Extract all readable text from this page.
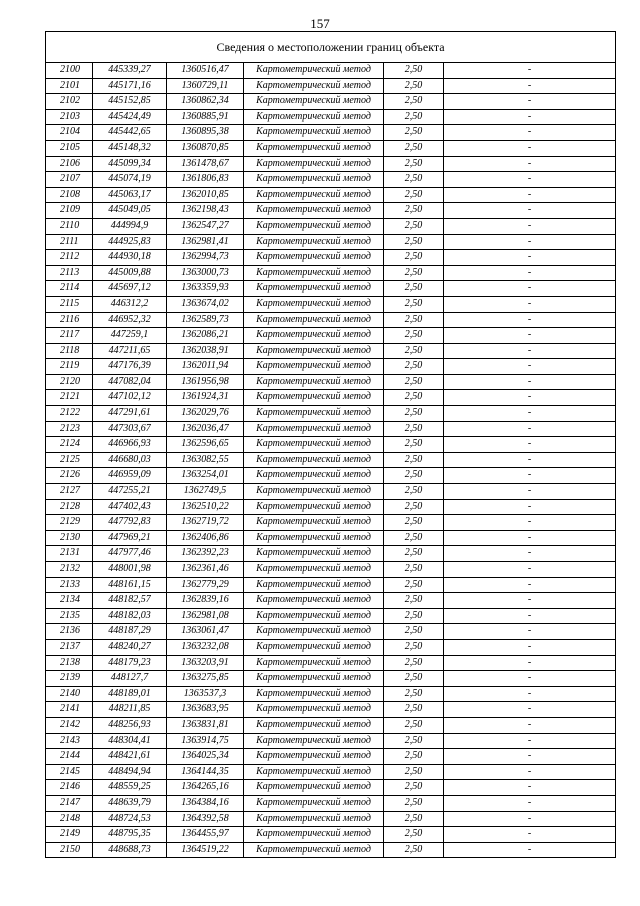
157
Сведения о местоположении границ объекта					
2100	445339,27	1360516,47	Картометрический метод	2,50	-
2101	445171,16	1360729,11	Картометрический метод	2,50	-
2102	445152,85	1360862,34	Картометрический метод	2,50	-
2103	445424,49	1360885,91	Картометрический метод	2,50	-
2104	445442,65	1360895,38	Картометрический метод	2,50	-
2105	445148,32	1360870,85	Картометрический метод	2,50	-
2106	445099,34	1361478,67	Картометрический метод	2,50	-
2107	445074,19	1361806,83	Картометрический метод	2,50	-
2108	445063,17	1362010,85	Картометрический метод	2,50	-
2109	445049,05	1362198,43	Картометрический метод	2,50	-
2110	444994,9	1362547,27	Картометрический метод	2,50	-
2111	444925,83	1362981,41	Картометрический метод	2,50	-
2112	444930,18	1362994,73	Картометрический метод	2,50	-
2113	445009,88	1363000,73	Картометрический метод	2,50	-
2114	445697,12	1363359,93	Картометрический метод	2,50	-
2115	446312,2	1363674,02	Картометрический метод	2,50	-
2116	446952,32	1362589,73	Картометрический метод	2,50	-
2117	447259,1	1362086,21	Картометрический метод	2,50	-
2118	447211,65	1362038,91	Картометрический метод	2,50	-
2119	447176,39	1362011,94	Картометрический метод	2,50	-
2120	447082,04	1361956,98	Картометрический метод	2,50	-
2121	447102,12	1361924,31	Картометрический метод	2,50	-
2122	447291,61	1362029,76	Картометрический метод	2,50	-
2123	447303,67	1362036,47	Картометрический метод	2,50	-
2124	446966,93	1362596,65	Картометрический метод	2,50	-
2125	446680,03	1363082,55	Картометрический метод	2,50	-
2126	446959,09	1363254,01	Картометрический метод	2,50	-
2127	447255,21	1362749,5	Картометрический метод	2,50	-
2128	447402,43	1362510,22	Картометрический метод	2,50	-
2129	447792,83	1362719,72	Картометрический метод	2,50	-
2130	447969,21	1362406,86	Картометрический метод	2,50	-
2131	447977,46	1362392,23	Картометрический метод	2,50	-
2132	448001,98	1362361,46	Картометрический метод	2,50	-
2133	448161,15	1362779,29	Картометрический метод	2,50	-
2134	448182,57	1362839,16	Картометрический метод	2,50	-
2135	448182,03	1362981,08	Картометрический метод	2,50	-
2136	448187,29	1363061,47	Картометрический метод	2,50	-
2137	448240,27	1363232,08	Картометрический метод	2,50	-
2138	448179,23	1363203,91	Картометрический метод	2,50	-
2139	448127,7	1363275,85	Картометрический метод	2,50	-
2140	448189,01	1363537,3	Картометрический метод	2,50	-
2141	448211,85	1363683,95	Картометрический метод	2,50	-
2142	448256,93	1363831,81	Картометрический метод	2,50	-
2143	448304,41	1363914,75	Картометрический метод	2,50	-
2144	448421,61	1364025,34	Картометрический метод	2,50	-
2145	448494,94	1364144,35	Картометрический метод	2,50	-
2146	448559,25	1364265,16	Картометрический метод	2,50	-
2147	448639,79	1364384,16	Картометрический метод	2,50	-
2148	448724,53	1364392,58	Картометрический метод	2,50	-
2149	448795,35	1364455,97	Картометрический метод	2,50	-
2150	448688,73	1364519,22	Картометрический метод	2,50	-
